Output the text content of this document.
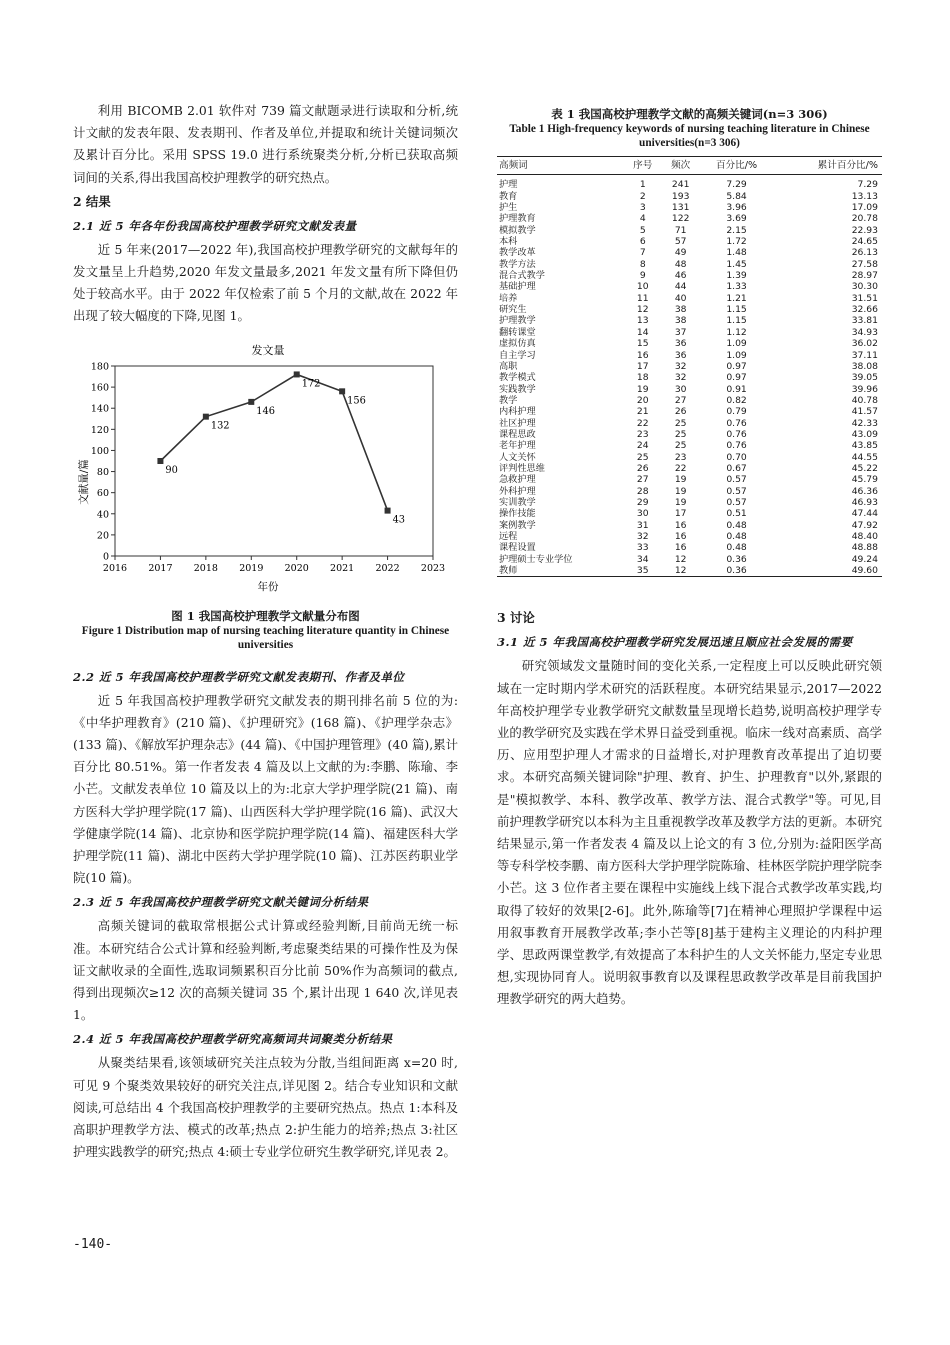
利用 BICOMB 2.01 软件对 739 篇文献题录进行读取和分析,统计文献的发表年限、发表期刊、作者及单位,并提取和统计关键词频次及累计百分比。采用 SPSS 19.0 进行系统聚类分析,分析已获取高频词间的关系,得出我国高校护理教学的研究热点。

2 结果
2.1 近 5 年各年份我国高校护理教学研究文献发表量

近 5 年来(2017—2022 年),我国高校护理教学研究的文献每年的发文量呈上升趋势,2020 年发文量最多,2021 年发文量有所下降但仍处于较高水平。由于 2022 年仅检索了前 5 个月的文献,故在 2022 年出现了较大幅度的下降,见图 1。

发文量
0
20
40
60
80
100
120
140
160
180
2016 2017 2018 2019 2020 2021 2022 2023
90
132
146
172
156
43
年份
文献量/篇
图 1 我国高校护理教学文献量分布图
Figure 1 Distribution map of nursing teaching literature quantity in Chinese universities
2.2 近 5 年我国高校护理教学研究文献发表期刊、作者及单位

近 5 年我国高校护理教学研究文献发表的期刊排名前 5 位的为:《中华护理教育》(210 篇)、《护理研究》(168 篇)、《护理学杂志》(133 篇)、《解放军护理杂志》(44 篇)、《中国护理管理》(40 篇),累计百分比 80.51%。第一作者发表 4 篇及以上文献的为:李鹏、陈瑜、李小芒。文献发表单位 10 篇及以上的为:北京大学护理学院(21 篇)、南方医科大学护理学院(17 篇)、山西医科大学护理学院(16 篇)、武汉大学健康学院(14 篇)、北京协和医学院护理学院(14 篇)、福建医科大学护理学院(11 篇)、湖北中医药大学护理学院(10 篇)、江苏医药职业学院(10 篇)。

2.3 近 5 年我国高校护理教学研究文献关键词分析结果

高频关键词的截取常根据公式计算或经验判断,目前尚无统一标准。本研究结合公式计算和经验判断,考虑聚类结果的可操作性及为保证文献收录的全面性,选取词频累积百分比前 50%作为高频词的截点,得到出现频次≥12 次的高频关键词 35 个,累计出现 1 640 次,详见表 1。

2.4 近 5 年我国高校护理教学研究高频词共词聚类分析结果

从聚类结果看,该领域研究关注点较为分散,当组间距离 x=20 时,可见 9 个聚类效果较好的研究关注点,详见图 2。结合专业知识和文献阅读,可总结出 4 个我国高校护理教学的主要研究热点。热点 1:本科及高职护理教学方法、模式的改革;热点 2:护生能力的培养;热点 3:社区护理实践教学的研究;热点 4:硕士专业学位研究生教学研究,详见表 2。

表 1 我国高校护理教学文献的高频关键词(n=3 306)
Table 1 High-frequency keywords of nursing teaching literature in Chinese universities(n=3 306)
高频词	序号	频次	百分比/%	累计百分比/%
护理	1	241	7.29	7.29
教育	2	193	5.84	13.13
护生	3	131	3.96	17.09
护理教育	4	122	3.69	20.78
模拟教学	5	71	2.15	22.93
本科	6	57	1.72	24.65
教学改革	7	49	1.48	26.13
教学方法	8	48	1.45	27.58
混合式教学	9	46	1.39	28.97
基础护理	10	44	1.33	30.30
培养	11	40	1.21	31.51
研究生	12	38	1.15	32.66
护理教学	13	38	1.15	33.81
翻转课堂	14	37	1.12	34.93
虚拟仿真	15	36	1.09	36.02
自主学习	16	36	1.09	37.11
高职	17	32	0.97	38.08
教学模式	18	32	0.97	39.05
实践教学	19	30	0.91	39.96
教学	20	27	0.82	40.78
内科护理	21	26	0.79	41.57
社区护理	22	25	0.76	42.33
课程思政	23	25	0.76	43.09
老年护理	24	25	0.76	43.85
人文关怀	25	23	0.70	44.55
评判性思维	26	22	0.67	45.22
急救护理	27	19	0.57	45.79
外科护理	28	19	0.57	46.36
实训教学	29	19	0.57	46.93
操作技能	30	17	0.51	47.44
案例教学	31	16	0.48	47.92
远程	32	16	0.48	48.40
课程设置	33	16	0.48	48.88
护理硕士专业学位	34	12	0.36	49.24
教师	35	12	0.36	49.60
3 讨论
3.1 近 5 年我国高校护理教学研究发展迅速且顺应社会发展的需要

研究领域发文量随时间的变化关系,一定程度上可以反映此研究领域在一定时期内学术研究的活跃程度。本研究结果显示,2017—2022 年高校护理学专业教学研究文献数量呈现增长趋势,说明高校护理学专业的教学研究及实践在学术界日益受到重视。临床一线对高素质、高学历、应用型护理人才需求的日益增长,对护理教育改革提出了迫切要求。本研究高频关键词除"护理、教育、护生、护理教育"以外,紧跟的是"模拟教学、本科、教学改革、教学方法、混合式教学"等。可见,目前护理教学研究以本科为主且重视教学改革及教学方法的更新。本研究结果显示,第一作者发表 4 篇及以上论文的有 3 位,分别为:益阳医学高等专科学校李鹏、南方医科大学护理学院陈瑜、桂林医学院护理学院李小芒。这 3 位作者主要在课程中实施线上线下混合式教学改革实践,均取得了较好的效果[2-6]。此外,陈瑜等[7]在精神心理照护学课程中运用叙事教育开展教学改革;李小芒等[8]基于建构主义理论的内科护理学、思政两课堂教学,有效提高了本科护生的人文关怀能力,坚定专业思想,实现协同育人。说明叙事教育以及课程思政教学改革是目前我国护理教学研究的两大趋势。

-140-
